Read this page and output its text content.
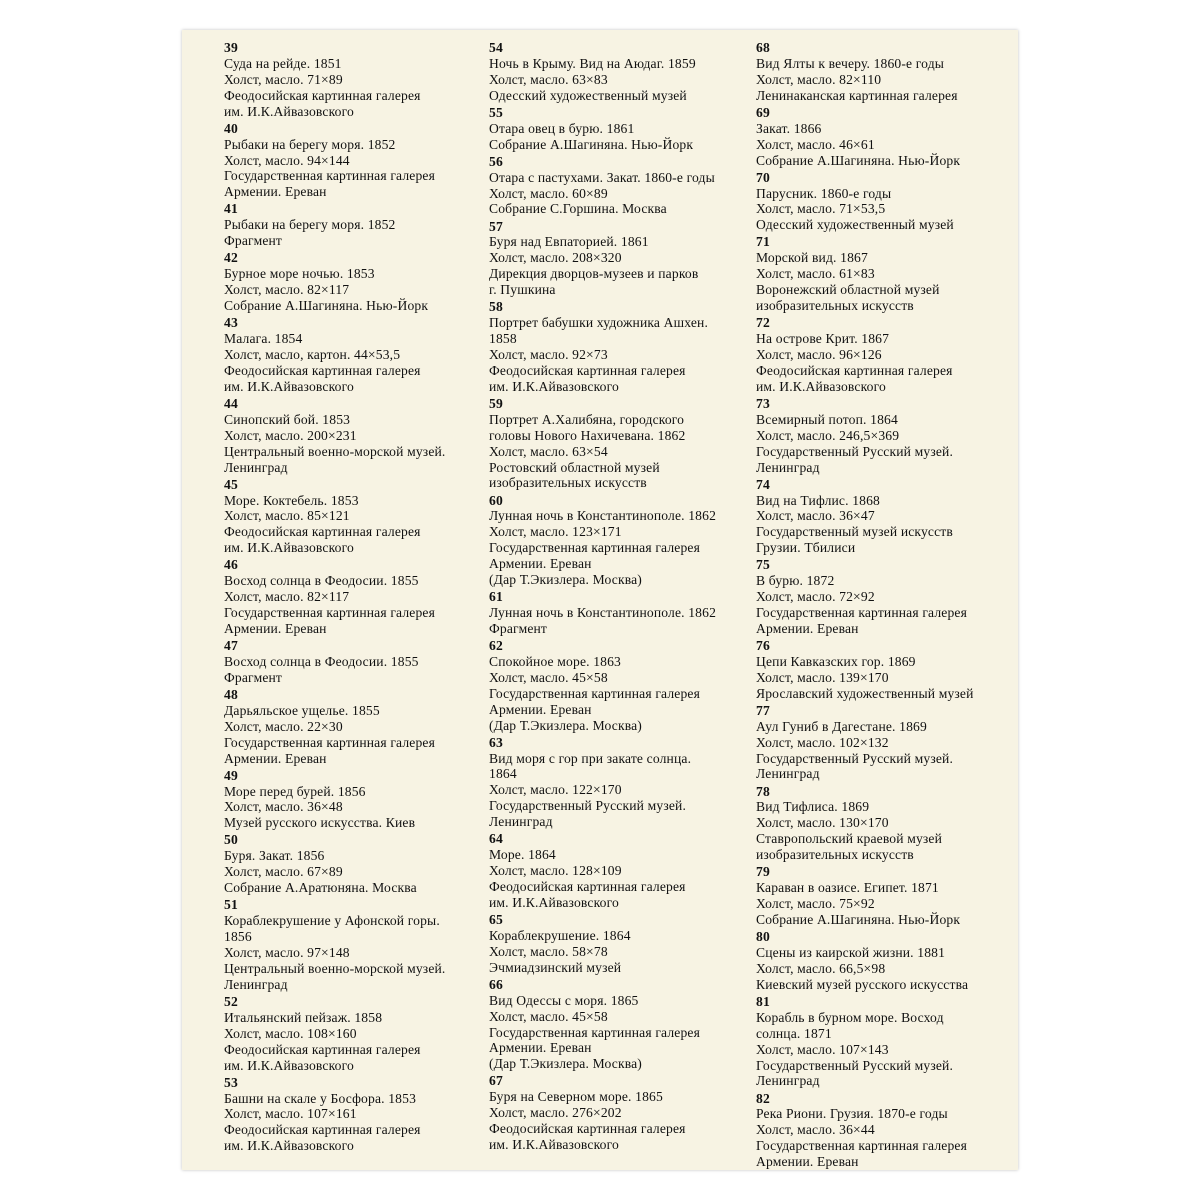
39
Суда на рейде. 1851
Холст, масло. 71×89
Феодосийская картинная галерея
им. И.К.Айвазовского
40
Рыбаки на берегу моря. 1852
Холст, масло. 94×144
Государственная картинная галерея
Армении. Ереван
41
Рыбаки на берегу моря. 1852
Фрагмент
42
Бурное море ночью. 1853
Холст, масло. 82×117
Собрание А.Шагиняна. Нью-Йорк
43
Малага. 1854
Холст, масло, картон. 44×53,5
Феодосийская картинная галерея
им. И.К.Айвазовского
44
Синопский бой. 1853
Холст, масло. 200×231
Центральный военно-морской музей.
Ленинград
45
Море. Коктебель. 1853
Холст, масло. 85×121
Феодосийская картинная галерея
им. И.К.Айвазовского
46
Восход солнца в Феодосии. 1855
Холст, масло. 82×117
Государственная картинная галерея
Армении. Ереван
47
Восход солнца в Феодосии. 1855
Фрагмент
48
Дарьяльское ущелье. 1855
Холст, масло. 22×30
Государственная картинная галерея
Армении. Ереван
49
Море перед бурей. 1856
Холст, масло. 36×48
Музей русского искусства. Киев
50
Буря. Закат. 1856
Холст, масло. 67×89
Собрание А.Аратюняна. Москва
51
Кораблекрушение у Афонской горы.
1856
Холст, масло. 97×148
Центральный военно-морской музей.
Ленинград
52
Итальянский пейзаж. 1858
Холст, масло. 108×160
Феодосийская картинная галерея
им. И.К.Айвазовского
53
Башни на скале у Босфора. 1853
Холст, масло. 107×161
Феодосийская картинная галерея
им. И.К.Айвазовского
54
Ночь в Крыму. Вид на Аюдаг. 1859
Холст, масло. 63×83
Одесский художественный музей
55
Отара овец в бурю. 1861
Собрание А.Шагиняна. Нью-Йорк
56
Отара с пастухами. Закат. 1860-е годы
Холст, масло. 60×89
Собрание С.Горшина. Москва
57
Буря над Евпаторией. 1861
Холст, масло. 208×320
Дирекция дворцов-музеев и парков
г. Пушкина
58
Портрет бабушки художника Ашхен.
1858
Холст, масло. 92×73
Феодосийская картинная галерея
им. И.К.Айвазовского
59
Портрет А.Халибяна, городского
головы Нового Нахичевана. 1862
Холст, масло. 63×54
Ростовский областной музей
изобразительных искусств
60
Лунная ночь в Константинополе. 1862
Холст, масло. 123×171
Государственная картинная галерея
Армении. Ереван
(Дар Т.Экизлера. Москва)
61
Лунная ночь в Константинополе. 1862
Фрагмент
62
Спокойное море. 1863
Холст, масло. 45×58
Государственная картинная галерея
Армении. Ереван
(Дар Т.Экизлера. Москва)
63
Вид моря с гор при закате солнца.
1864
Холст, масло. 122×170
Государственный Русский музей.
Ленинград
64
Море. 1864
Холст, масло. 128×109
Феодосийская картинная галерея
им. И.К.Айвазовского
65
Кораблекрушение. 1864
Холст, масло. 58×78
Эчмиадзинский музей
66
Вид Одессы с моря. 1865
Холст, масло. 45×58
Государственная картинная галерея
Армении. Ереван
(Дар Т.Экизлера. Москва)
67
Буря на Северном море. 1865
Холст, масло. 276×202
Феодосийская картинная галерея
им. И.К.Айвазовского
68
Вид Ялты к вечеру. 1860-е годы
Холст, масло. 82×110
Ленинаканская картинная галерея
69
Закат. 1866
Холст, масло. 46×61
Собрание А.Шагиняна. Нью-Йорк
70
Парусник. 1860-е годы
Холст, масло. 71×53,5
Одесский художественный музей
71
Морской вид. 1867
Холст, масло. 61×83
Воронежский областной музей
изобразительных искусств
72
На острове Крит. 1867
Холст, масло. 96×126
Феодосийская картинная галерея
им. И.К.Айвазовского
73
Всемирный потоп. 1864
Холст, масло. 246,5×369
Государственный Русский музей.
Ленинград
74
Вид на Тифлис. 1868
Холст, масло. 36×47
Государственный музей искусств
Грузии. Тбилиси
75
В бурю. 1872
Холст, масло. 72×92
Государственная картинная галерея
Армении. Ереван
76
Цепи Кавказских гор. 1869
Холст, масло. 139×170
Ярославский художественный музей
77
Аул Гуниб в Дагестане. 1869
Холст, масло. 102×132
Государственный Русский музей.
Ленинград
78
Вид Тифлиса. 1869
Холст, масло. 130×170
Ставропольский краевой музей
изобразительных искусств
79
Караван в оазисе. Египет. 1871
Холст, масло. 75×92
Собрание А.Шагиняна. Нью-Йорк
80
Сцены из каирской жизни. 1881
Холст, масло. 66,5×98
Киевский музей русского искусства
81
Корабль в бурном море. Восход
солнца. 1871
Холст, масло. 107×143
Государственный Русский музей.
Ленинград
82
Река Риони. Грузия. 1870-е годы
Холст, масло. 36×44
Государственная картинная галерея
Армении. Ереван
